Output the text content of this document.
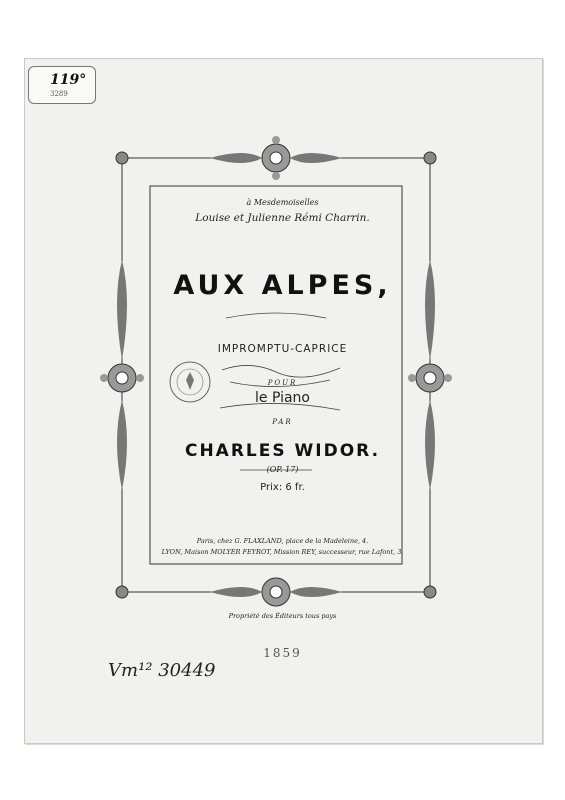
119°
3289
à Mesdemoiselles
Louise et Julienne Rémi Charrin.
AUX ALPES,
IMPROMPTU-CAPRICE
POUR
le Piano
PAR
CHARLES WIDOR.
(OP. 17)
Prix: 6 fr.
Paris, chez G. FLAXLAND, place de la Madeleine, 4.
LYON, Maison MOLYER FEYROT, Mission REY, successeur, rue Lafont, 3.
Propriété des Éditeurs tous pays
1859
Vm¹² 30449
